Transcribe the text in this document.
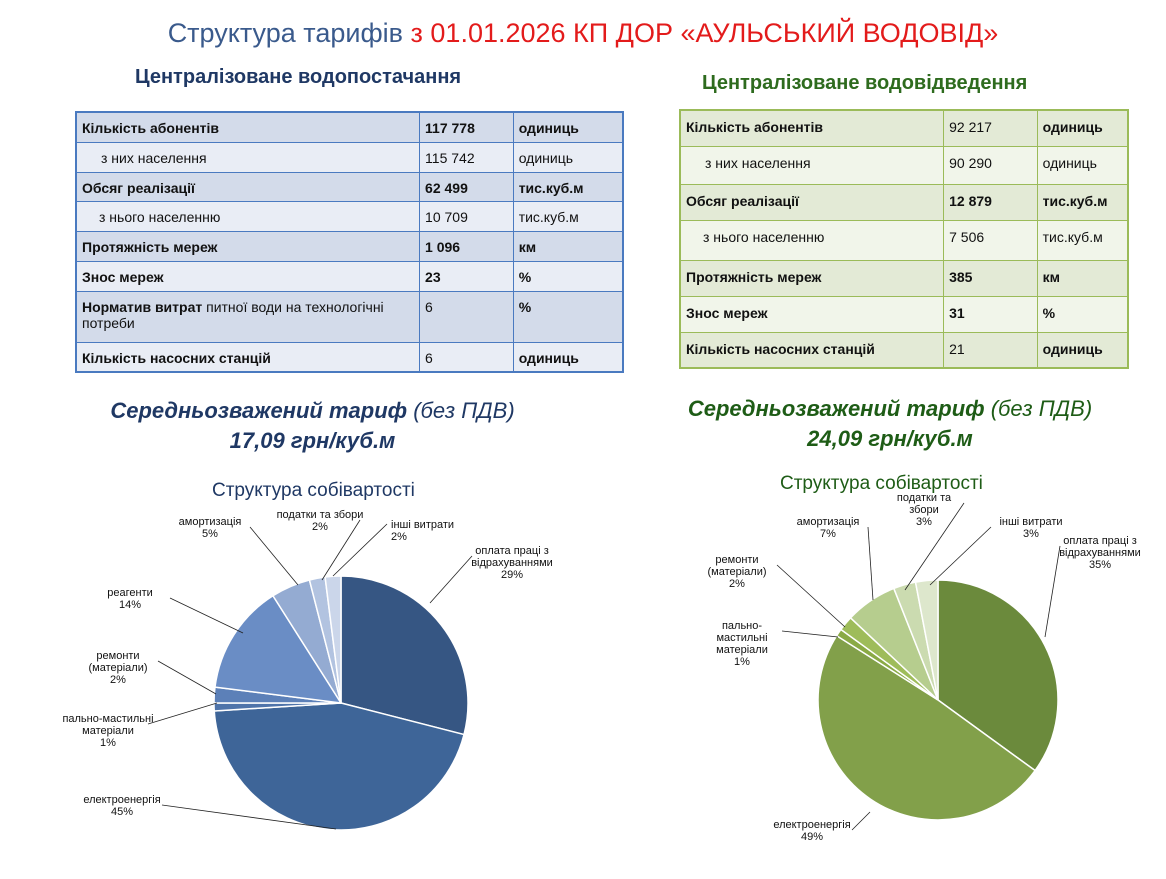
Структура тарифів з 01.01.2026 КП ДОР «АУЛЬСЬКИЙ ВОДОВІД»
Централізоване водопостачання	Централізоване водовідведення
Кількість абонентів	117 778	одиниць
з них населення	115 742	одиниць
Обсяг реалізації	62 499	тис.куб.м
з нього населенню	10 709	тис.куб.м
Протяжність мереж	1 096	км
Знос мереж	23	%
Норматив витрат питної води на технологічні потреби	6	%
Кількість насосних станцій	6	одиниць
Кількість абонентів	92 217	одиниць
з них населення	90 290	одиниць
Обсяг реалізації	12 879	тис.куб.м
з нього населенню	7 506	тис.куб.м
Протяжність мереж	385	км
Знос мереж	31	%
Кількість насосних станцій	21	одиниць
Середньозважений тариф (без ПДВ)
17,09 грн/куб.м
Середньозважений тариф (без ПДВ)
24,09 грн/куб.м
Структура собівартості	Структура собівартості
оплата праці з відрахуваннями 29%
електроенергія 45%
пально-мастильні матеріали 1%
ремонти (матеріали) 2%
реагенти 14%
амортизація 5%
податки та збори 2%	інші витрати 2%	оплата праці з відрахуваннями 35%
електроенергія 49%
пально-мастильні матеріали 1%
ремонти (матеріали) 2%
амортизація 7%
податки та збори 3%	інші витрати 3%
